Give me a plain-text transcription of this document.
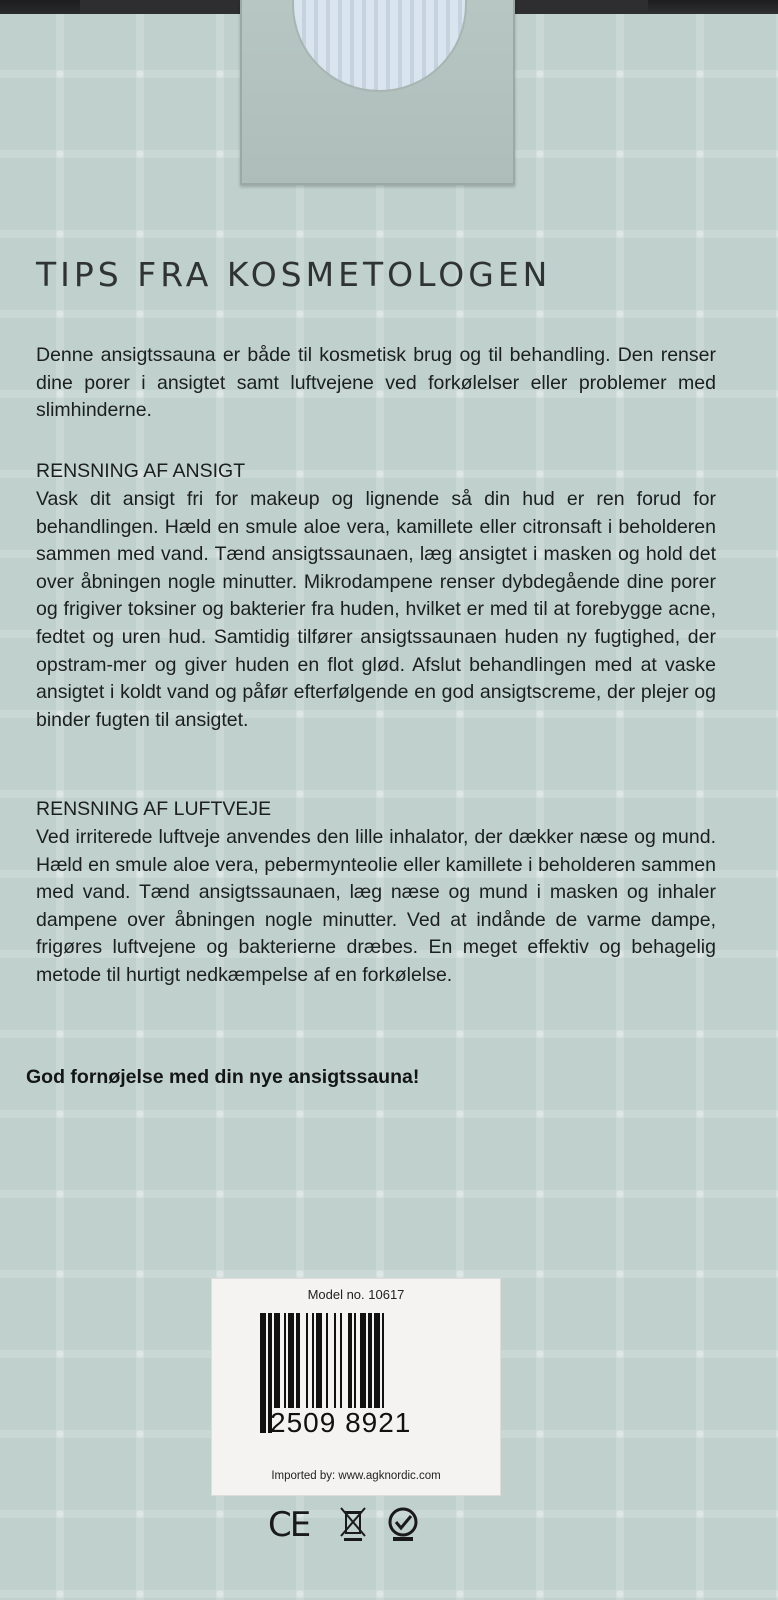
TIPS FRA KOSMETOLOGEN

Denne ansigtssauna er både til kosmetisk brug og til behandling. Den renser dine porer i ansigtet samt luftvejene ved forkølelser eller problemer med slimhinderne.

RENSNING AF ANSIGT

Vask dit ansigt fri for makeup og lignende så din hud er ren forud for behandlingen. Hæld en smule aloe vera, kamillete eller citronsaft i beholderen sammen med vand. Tænd ansigtssaunaen, læg ansigtet i masken og hold det over åbningen nogle minutter. Mikrodampene renser dybdegående dine porer og frigiver toksiner og bakterier fra huden, hvilket er med til at forebygge acne, fedtet og uren hud. Samtidig tilfører ansigtssaunaen huden ny fugtighed, der opstram-mer og giver huden en flot glød. Afslut behandlingen med at vaske ansigtet i koldt vand og påfør efterfølgende en god ansigtscreme, der plejer og binder fugten til ansigtet.

RENSNING AF LUFTVEJE

Ved irriterede luftveje anvendes den lille inhalator, der dækker næse og mund. Hæld en smule aloe vera, pebermynteolie eller kamillete i beholderen sammen med vand. Tænd ansigtssaunaen, læg næse og mund i masken og inhaler dampene over åbningen nogle minutter. Ved at indånde de varme dampe, frigøres luftvejene og bakterierne dræbes. En meget effektiv og behagelig metode til hurtigt nedkæmpelse af en forkølelse.

God fornøjelse med din nye ansigtssauna!
Model no. 10617
2509 8921
Imported by: www.agknordic.com
CE
